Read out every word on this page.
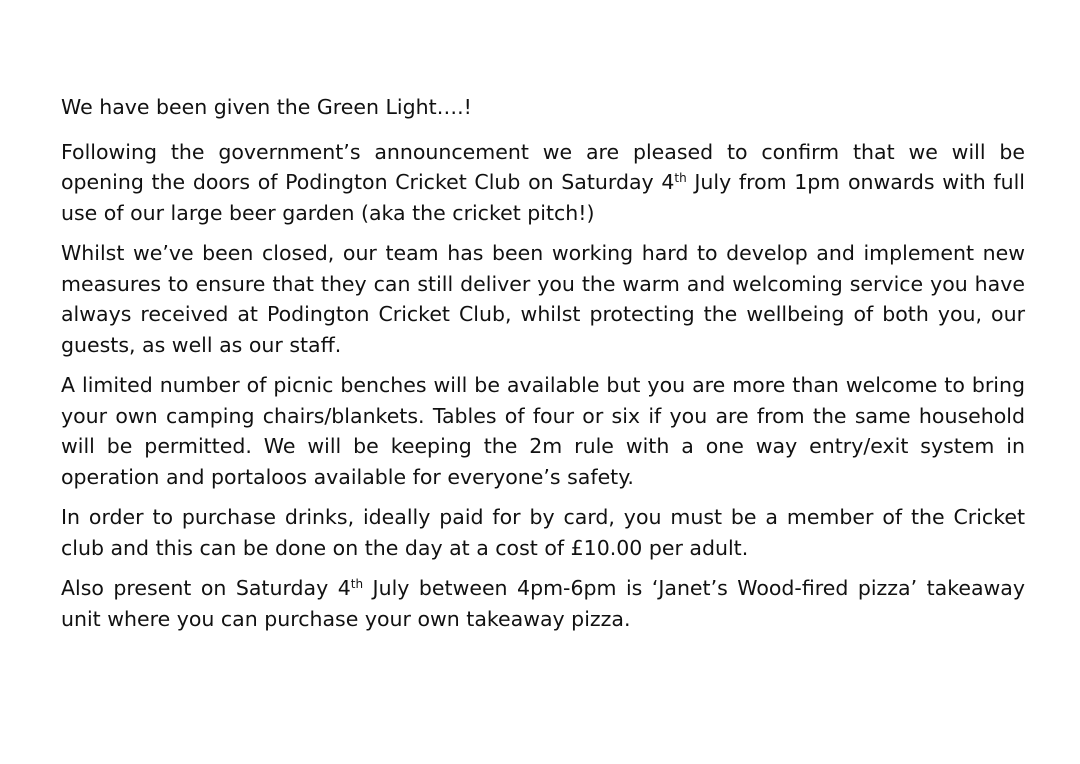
We have been given the Green Light….!

Following the government’s announcement we are pleased to confirm that we will be opening the doors of Podington Cricket Club on Saturday 4th July from 1pm onwards with full use of our large beer garden (aka the cricket pitch!)

Whilst we’ve been closed, our team has been working hard to develop and implement new measures to ensure that they can still deliver you the warm and welcoming service you have always received at Podington Cricket Club, whilst protecting the wellbeing of both you, our guests, as well as our staff.

A limited number of picnic benches will be available but you are more than welcome to bring your own camping chairs/blankets. Tables of four or six if you are from the same household will be permitted. We will be keeping the 2m rule with a one way entry/exit system in operation and portaloos available for everyone’s safety.

In order to purchase drinks, ideally paid for by card, you must be a member of the Cricket club and this can be done on the day at a cost of £10.00 per adult.

Also present on Saturday 4th July between 4pm-6pm is ‘Janet’s Wood-fired pizza’ takeaway unit where you can purchase your own takeaway pizza.
